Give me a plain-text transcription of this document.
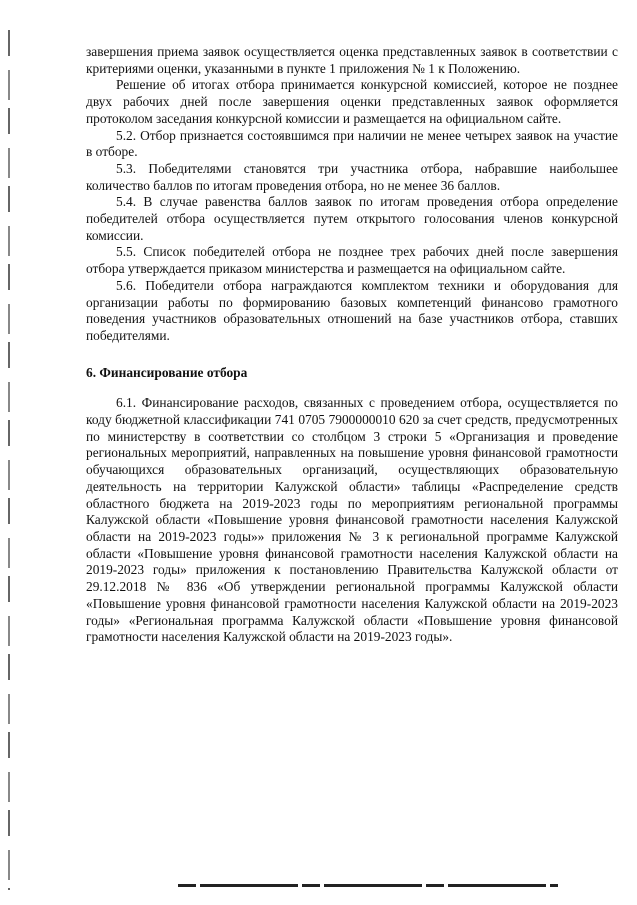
завершения приема заявок осуществляется оценка представленных заявок в соответствии с критериями оценки, указанными в пункте 1 приложения № 1 к Положению.

Решение об итогах отбора принимается конкурсной комиссией, которое не позднее двух рабочих дней после завершения оценки представленных заявок оформляется протоколом заседания конкурсной комиссии и размещается на официальном сайте.

5.2. Отбор признается состоявшимся при наличии не менее четырех заявок на участие в отборе.

5.3. Победителями становятся три участника отбора, набравшие наибольшее количество баллов по итогам проведения отбора, но не менее 36 баллов.

5.4. В случае равенства баллов заявок по итогам проведения отбора определение победителей отбора осуществляется путем открытого голосования членов конкурсной комиссии.

5.5. Список победителей отбора не позднее трех рабочих дней после завершения отбора утверждается приказом министерства и размещается на официальном сайте.

5.6. Победители отбора награждаются комплектом техники и оборудования для организации работы по формированию базовых компетенций финансово грамотного поведения участников образовательных отношений на базе участников отбора, ставших победителями.

6. Финансирование отбора

6.1. Финансирование расходов, связанных с проведением отбора, осуществляется по коду бюджетной классификации 741 0705 7900000010 620 за счет средств, предусмотренных по министерству в соответствии со столбцом 3 строки 5 «Организация и проведение региональных мероприятий, направленных на повышение уровня финансовой грамотности обучающихся образовательных организаций, осуществляющих образовательную деятельность на территории Калужской области» таблицы «Распределение средств областного бюджета на 2019-2023 годы по мероприятиям региональной программы Калужской области «Повышение уровня финансовой грамотности населения Калужской области на 2019-2023 годы»» приложения № 3 к региональной программе Калужской области «Повышение уровня финансовой грамотности населения Калужской области на 2019-2023 годы» приложения к постановлению Правительства Калужской области от 29.12.2018 № 836 «Об утверждении региональной программы Калужской области «Повышение уровня финансовой грамотности населения Калужской области на 2019-2023 годы» «Региональная программа Калужской области «Повышение уровня финансовой грамотности населения Калужской области на 2019-2023 годы».
